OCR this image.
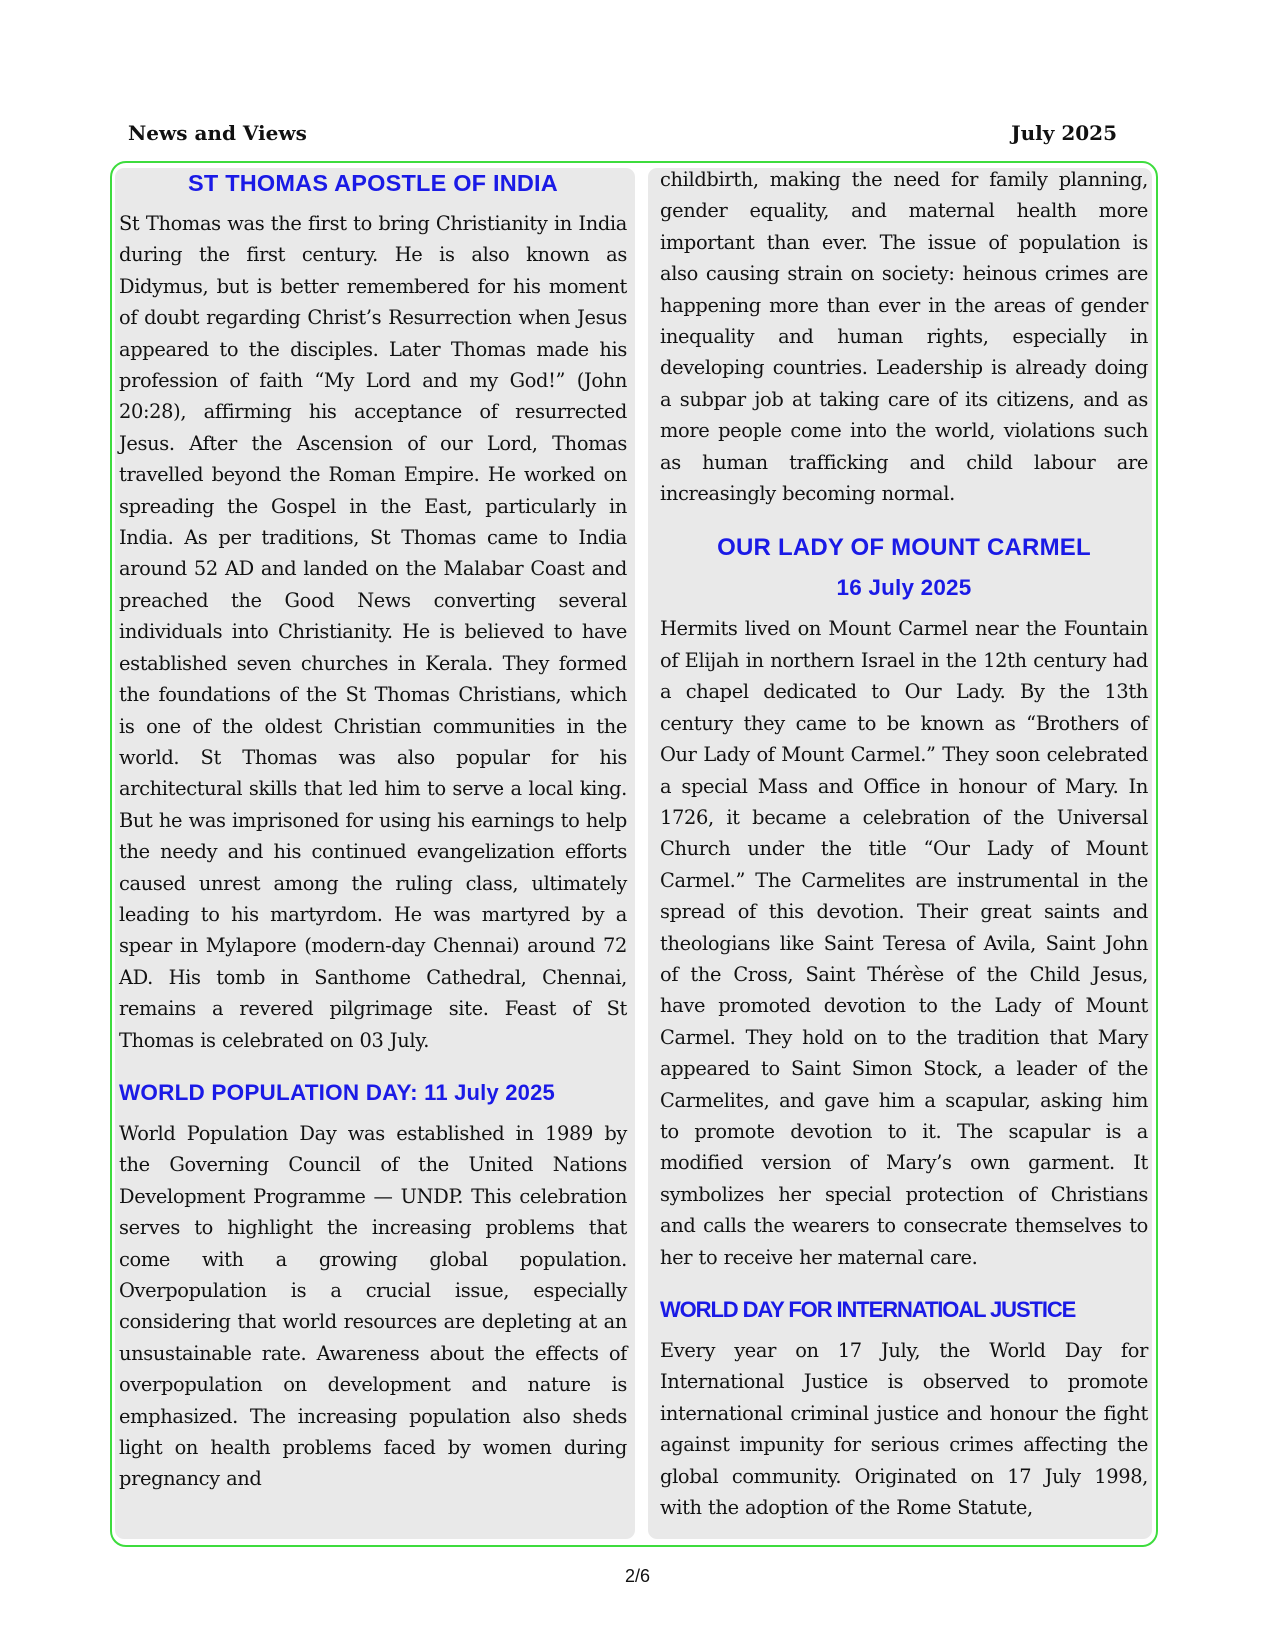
News and Views	July 2025
ST THOMAS APOSTLE OF INDIA

St Thomas was the first to bring Christianity in India during the first century. He is also known as Didymus, but is better remembered for his moment of doubt regarding Christ’s Resurrection when Jesus appeared to the disciples. Later Thomas made his profession of faith “My Lord and my God!” (John 20:28), affirming his acceptance of resurrected Jesus. After the Ascension of our Lord, Thomas travelled beyond the Roman Empire. He worked on spreading the Gospel in the East, particularly in India. As per traditions, St Thomas came to India around 52 AD and landed on the Malabar Coast and preached the Good News converting several individuals into Christianity. He is believed to have established seven churches in Kerala. They formed the foundations of the St Thomas Christians, which is one of the oldest Christian communities in the world. St Thomas was also popular for his architectural skills that led him to serve a local king. But he was imprisoned for using his earnings to help the needy and his continued evangelization efforts caused unrest among the ruling class, ultimately leading to his martyrdom. He was martyred by a spear in Mylapore (modern-day Chennai) around 72 AD. His tomb in Santhome Cathedral, Chennai, remains a revered pilgrimage site. Feast of St Thomas is celebrated on 03 July.

WORLD POPULATION DAY: 11 July 2025

World Population Day was established in 1989 by the Governing Council of the United Nations Development Programme — UNDP. This celebration serves to highlight the increasing problems that come with a growing global population. Overpopulation is a crucial issue, especially considering that world resources are depleting at an unsustainable rate. Awareness about the effects of overpopulation on development and nature is emphasized. The increasing population also sheds light on health problems faced by women during pregnancy and

childbirth, making the need for family planning, gender equality, and maternal health more important than ever. The issue of population is also causing strain on society: heinous crimes are happening more than ever in the areas of gender inequality and human rights, especially in developing countries. Leadership is already doing a subpar job at taking care of its citizens, and as more people come into the world, violations such as human trafficking and child labour are increasingly becoming normal.

OUR LADY OF MOUNT CARMEL
16 July 2025

Hermits lived on Mount Carmel near the Fountain of Elijah in northern Israel in the 12th century had a chapel dedicated to Our Lady. By the 13th century they came to be known as “Brothers of Our Lady of Mount Carmel.” They soon celebrated a special Mass and Office in honour of Mary. In 1726, it became a celebration of the Universal Church under the title “Our Lady of Mount Carmel.” The Carmelites are instrumental in the spread of this devotion. Their great saints and theologians like Saint Teresa of Avila, Saint John of the Cross, Saint Thérèse of the Child Jesus, have promoted devotion to the Lady of Mount Carmel. They hold on to the tradition that Mary appeared to Saint Simon Stock, a leader of the Carmelites, and gave him a scapular, asking him to promote devotion to it. The scapular is a modified version of Mary’s own garment. It symbolizes her special protection of Christians and calls the wearers to consecrate themselves to her to receive her maternal care.

WORLD DAY FOR INTERNATIOAL JUSTICE

Every year on 17 July, the World Day for International Justice is observed to promote international criminal justice and honour the fight against impunity for serious crimes affecting the global community. Originated on 17 July 1998, with the adoption of the Rome Statute,

2/6
